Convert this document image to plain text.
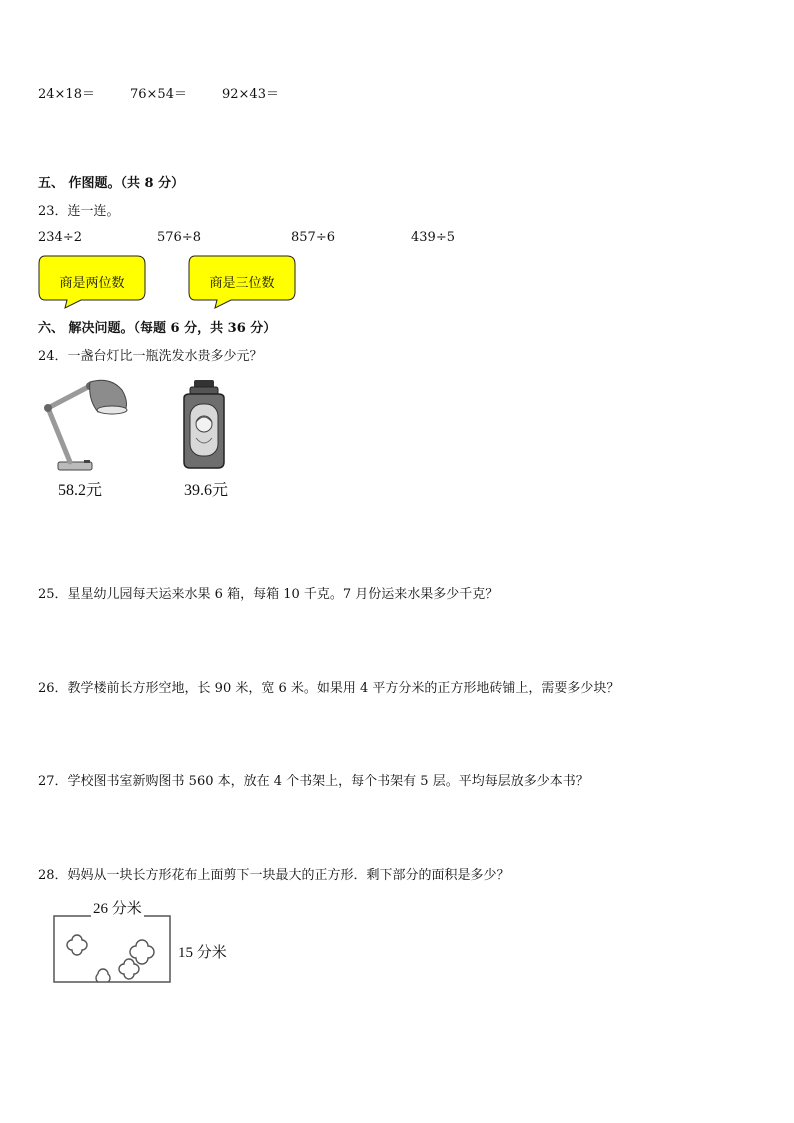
24×18＝	76×54＝	92×43＝
五、 作图题。（共 8 分）
23．连一连。
234÷2	576÷8	857÷6	439÷5
商是两位数	商是三位数
六、 解决问题。（每题 6 分，共 36 分）
24．一盏台灯比一瓶洗发水贵多少元？
58.2元	39.6元
25．星星幼儿园每天运来水果 6 箱，每箱 10 千克。7 月份运来水果多少千克？
26．教学楼前长方形空地，长 90 米，宽 6 米。如果用 4 平方分米的正方形地砖铺上，需要多少块？
27．学校图书室新购图书 560 本，放在 4 个书架上，每个书架有 5 层。平均每层放多少本书？
28．妈妈从一块长方形花布上面剪下一块最大的正方形．剩下部分的面积是多少？
26 分米
15 分米
